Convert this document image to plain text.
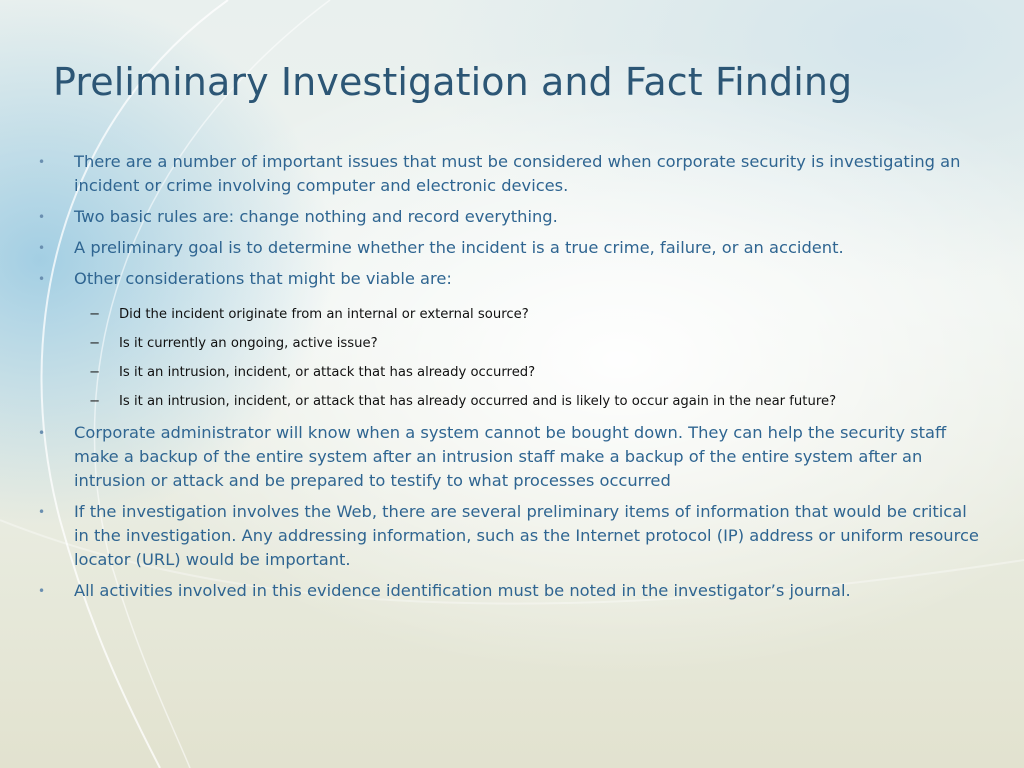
Preliminary Investigation and Fact Finding
• There are a number of important issues that must be considered when corporate security is investigating an incident or crime involving computer and electronic devices.
• Two basic rules are: change nothing and record everything.
• A preliminary goal is to determine whether the incident is a true crime, failure, or an accident.
• Other considerations that might be viable are:
− Did the incident originate from an internal or external source?
− Is it currently an ongoing, active issue?
− Is it an intrusion, incident, or attack that has already occurred?
− Is it an intrusion, incident, or attack that has already occurred and is likely to occur again in the near future?
• Corporate administrator will know when a system cannot be bought down. They can help the security staff make a backup of the entire system after an intrusion staff make a backup of the entire system after an intrusion or attack and be prepared to testify to what processes occurred
• If the investigation involves the Web, there are several preliminary items of information that would be critical in the investigation. Any addressing information, such as the Internet protocol (IP) address or uniform resource locator (URL) would be important.
• All activities involved in this evidence identification must be noted in the investigator’s journal.
